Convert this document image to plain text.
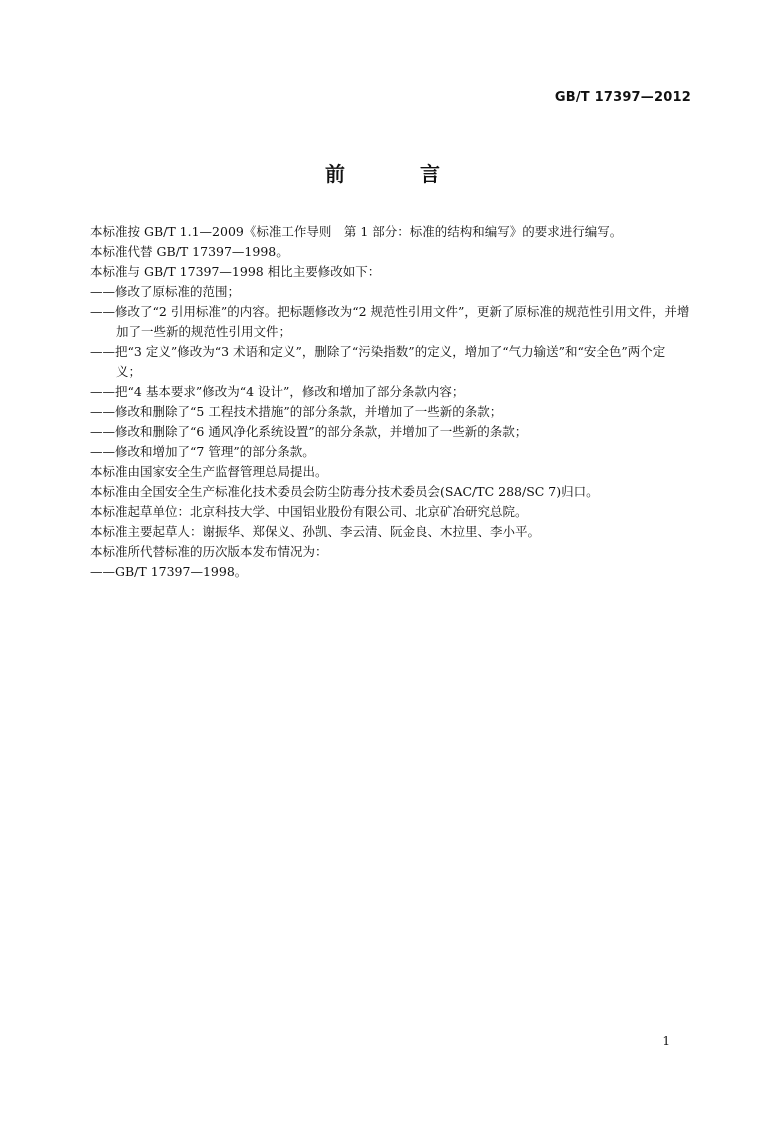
GB/T 17397—2012
前 言

本标准按 GB/T 1.1—2009《标准工作导则　第 1 部分：标准的结构和编写》的要求进行编写。

本标准代替 GB/T 17397—1998。

本标准与 GB/T 17397—1998 相比主要修改如下：

——修改了原标准的范围；

——修改了“2 引用标准”的内容。把标题修改为“2 规范性引用文件”，更新了原标准的规范性引用文件，并增加了一些新的规范性引用文件；

——把“3 定义”修改为“3 术语和定义”，删除了“污染指数”的定义，增加了“气力输送”和“安全色”两个定义；

——把“4 基本要求”修改为“4 设计”，修改和增加了部分条款内容；

——修改和删除了“5 工程技术措施”的部分条款，并增加了一些新的条款；

——修改和删除了“6 通风净化系统设置”的部分条款，并增加了一些新的条款；

——修改和增加了“7 管理”的部分条款。

本标准由国家安全生产监督管理总局提出。

本标准由全国安全生产标准化技术委员会防尘防毒分技术委员会(SAC/TC 288/SC 7)归口。

本标准起草单位：北京科技大学、中国铝业股份有限公司、北京矿冶研究总院。

本标准主要起草人：谢振华、郑保义、孙凯、李云清、阮金良、木拉里、李小平。

本标准所代替标准的历次版本发布情况为：

——GB/T 17397—1998。

1
